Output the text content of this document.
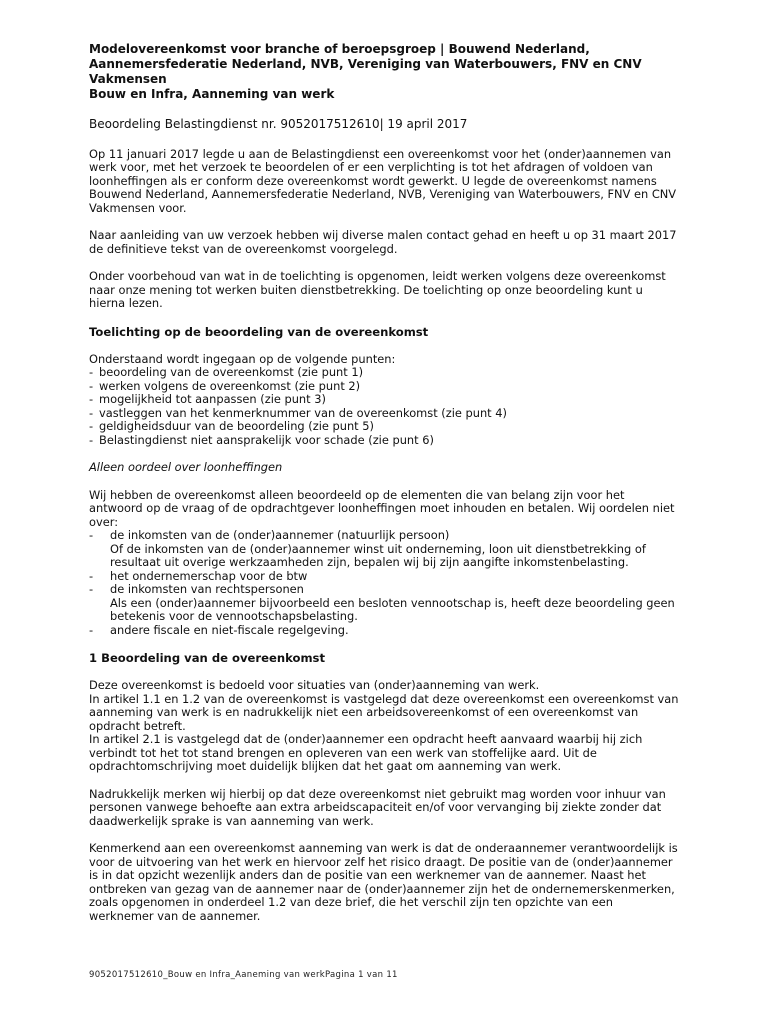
Modelovereenkomst voor branche of beroepsgroep | Bouwend Nederland,

Aannemersfederatie Nederland, NVB, Vereniging van Waterbouwers, FNV en CNV

Vakmensen

Bouw en Infra, Aanneming van werk

Beoordeling Belastingdienst nr. 9052017512610| 19 april 2017

Op 11 januari 2017 legde u aan de Belastingdienst een overeenkomst voor het (onder)aannemen van werk voor, met het verzoek te beoordelen of er een verplichting is tot het afdragen of voldoen van loonheffingen als er conform deze overeenkomst wordt gewerkt. U legde de overeenkomst namens Bouwend Nederland, Aannemersfederatie Nederland, NVB, Vereniging van Waterbouwers, FNV en CNV Vakmensen voor.

Naar aanleiding van uw verzoek hebben wij diverse malen contact gehad en heeft u op 31 maart 2017 de definitieve tekst van de overeenkomst voorgelegd.

Onder voorbehoud van wat in de toelichting is opgenomen, leidt werken volgens deze overeenkomst naar onze mening tot werken buiten dienstbetrekking. De toelichting op onze beoordeling kunt u hierna lezen.

Toelichting op de beoordeling van de overeenkomst

Onderstaand wordt ingegaan op de volgende punten:

- beoordeling van de overeenkomst (zie punt 1)
- werken volgens de overeenkomst (zie punt 2)
- mogelijkheid tot aanpassen (zie punt 3)
- vastleggen van het kenmerknummer van de overeenkomst (zie punt 4)
- geldigheidsduur van de beoordeling (zie punt 5)
- Belastingdienst niet aansprakelijk voor schade (zie punt 6)

Alleen oordeel over loonheffingen

Wij hebben de overeenkomst alleen beoordeeld op de elementen die van belang zijn voor het antwoord op de vraag of de opdrachtgever loonheffingen moet inhouden en betalen. Wij oordelen niet over:

- de inkomsten van de (onder)aannemer (natuurlijk persoon)
Of de inkomsten van de (onder)aannemer winst uit onderneming, loon uit dienstbetrekking of resultaat uit overige werkzaamheden zijn, bepalen wij bij zijn aangifte inkomstenbelasting.
- het ondernemerschap voor de btw
- de inkomsten van rechtspersonen
Als een (onder)aannemer bijvoorbeeld een besloten vennootschap is, heeft deze beoordeling geen betekenis voor de vennootschapsbelasting.
- andere fiscale en niet-fiscale regelgeving.

1 Beoordeling van de overeenkomst

Deze overeenkomst is bedoeld voor situaties van (onder)aanneming van werk.

In artikel 1.1 en 1.2 van de overeenkomst is vastgelegd dat deze overeenkomst een overeenkomst van aanneming van werk is en nadrukkelijk niet een arbeidsovereenkomst of een overeenkomst van opdracht betreft.

In artikel 2.1 is vastgelegd dat de (onder)aannemer een opdracht heeft aanvaard waarbij hij zich verbindt tot het tot stand brengen en opleveren van een werk van stoffelijke aard. Uit de opdrachtomschrijving moet duidelijk blijken dat het gaat om aanneming van werk.

Nadrukkelijk merken wij hierbij op dat deze overeenkomst niet gebruikt mag worden voor inhuur van personen vanwege behoefte aan extra arbeidscapaciteit en/of voor vervanging bij ziekte zonder dat daadwerkelijk sprake is van aanneming van werk.

Kenmerkend aan een overeenkomst aanneming van werk is dat de onderaannemer verantwoordelijk is voor de uitvoering van het werk en hiervoor zelf het risico draagt. De positie van de (onder)aannemer is in dat opzicht wezenlijk anders dan de positie van een werknemer van de aannemer. Naast het ontbreken van gezag van de aannemer naar de (onder)aannemer zijn het de ondernemerskenmerken, zoals opgenomen in onderdeel 1.2 van deze brief, die het verschil zijn ten opzichte van een werknemer van de aannemer.

9052017512610_Bouw en Infra_Aaneming van werkPagina 1 van 11
